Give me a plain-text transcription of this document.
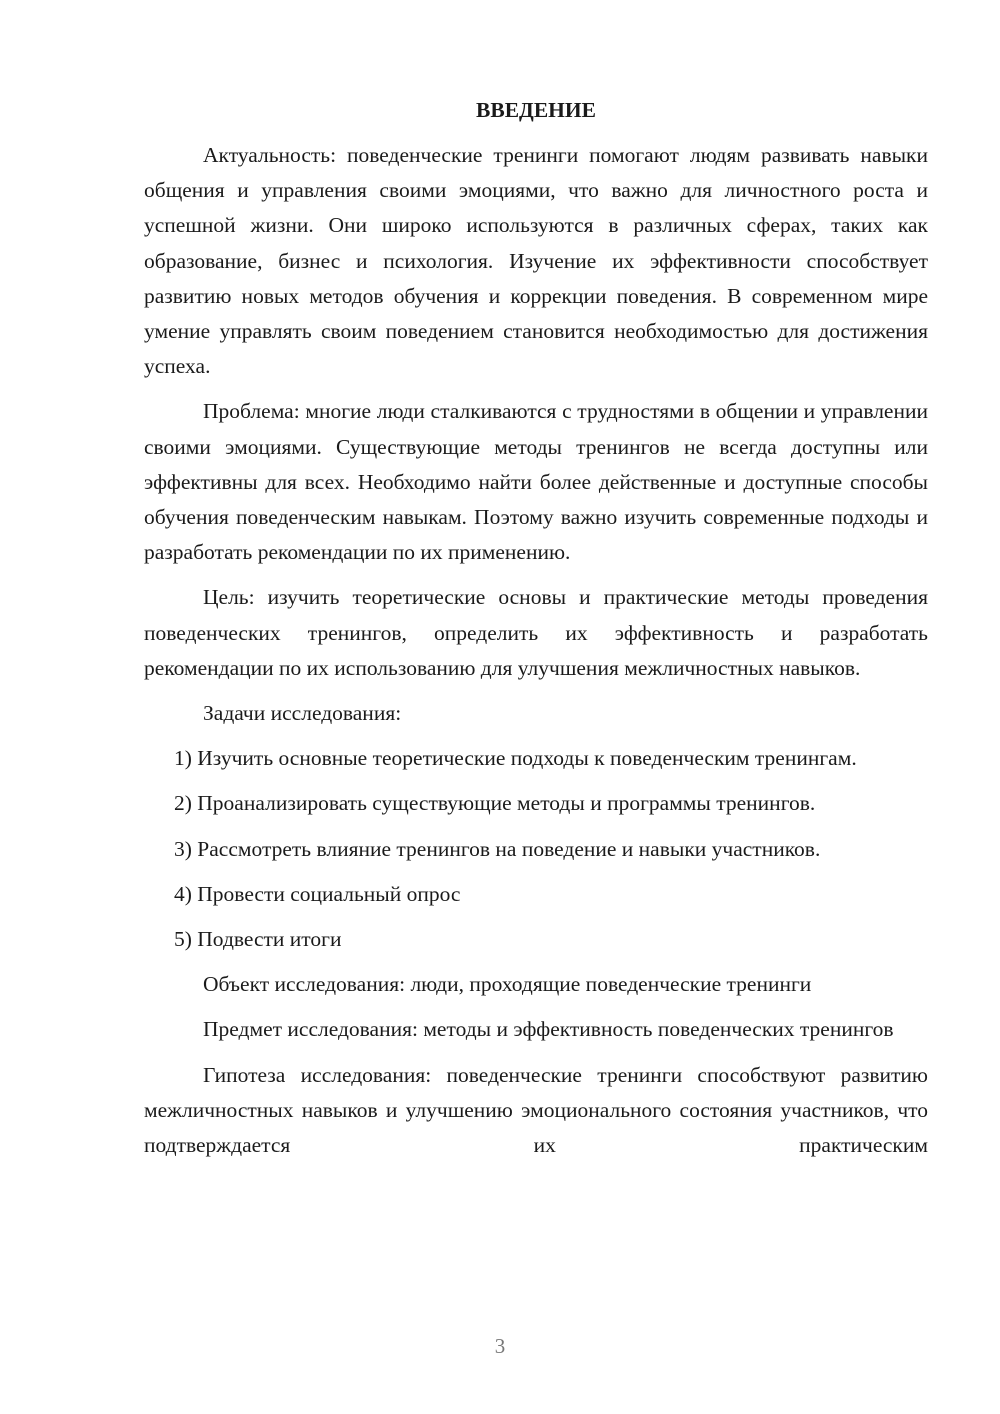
ВВЕДЕНИЕ

Актуальность: поведенческие тренинги помогают людям развивать навыки общения и управления своими эмоциями, что важно для личностного роста и успешной жизни. Они широко используются в различных сферах, таких как образование, бизнес и психология. Изучение их эффективности способствует развитию новых методов обучения и коррекции поведения. В современном мире умение управлять своим поведением становится необходимостью для достижения успеха.

Проблема: многие люди сталкиваются с трудностями в общении и управлении своими эмоциями. Существующие методы тренингов не всегда доступны или эффективны для всех. Необходимо найти более действенные и доступные способы обучения поведенческим навыкам. Поэтому важно изучить современные подходы и разработать рекомендации по их применению.

Цель: изучить теоретические основы и практические методы проведения поведенческих тренингов, определить их эффективность и разработать рекомендации по их использованию для улучшения межличностных навыков.

Задачи исследования:

1) Изучить основные теоретические подходы к поведенческим тренингам.

2) Проанализировать существующие методы и программы тренингов.

3) Рассмотреть влияние тренингов на поведение и навыки участников.

4) Провести социальный опрос

5) Подвести итоги

Объект исследования: люди, проходящие поведенческие тренинги

Предмет исследования: методы и эффективность поведенческих тренингов

Гипотеза исследования: поведенческие тренинги способствуют развитию межличностных навыков и улучшению эмоционального состояния участников, что подтверждается их практическим

3
